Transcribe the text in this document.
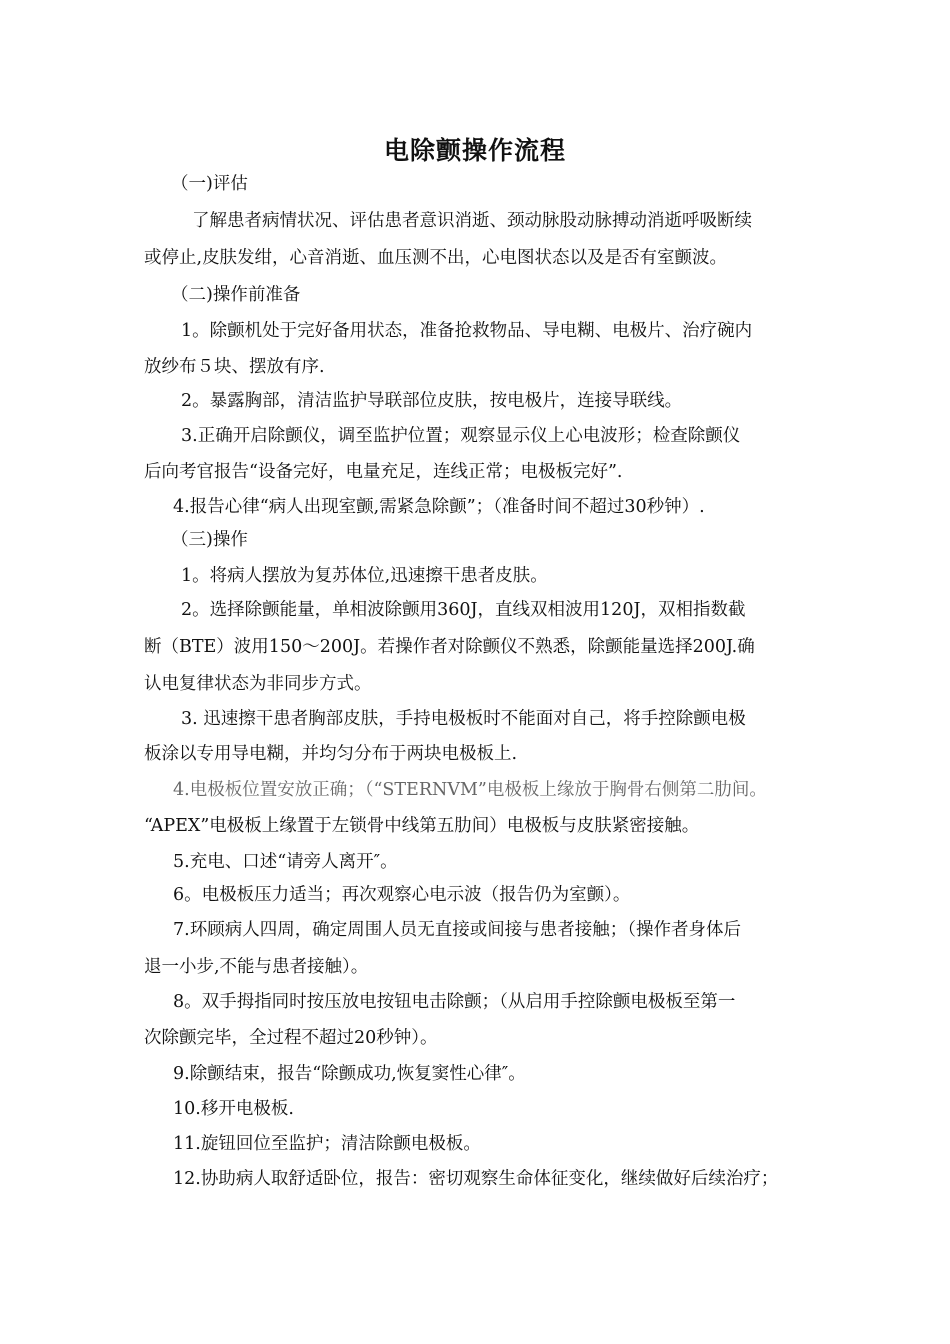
电除颤操作流程
（一)评估
了解患者病情状况、评估患者意识消逝、颈动脉股动脉搏动消逝呼吸断续
或停止,皮肤发绀，心音消逝、血压测不出，心电图状态以及是否有室颤波。
（二)操作前准备
1。除颤机处于完好备用状态，准备抢救物品、导电糊、电极片、治疗碗内
放纱布５块、摆放有序.
2。暴露胸部，清洁监护导联部位皮肤，按电极片，连接导联线。
3.正确开启除颤仪，调至监护位置；观察显示仪上心电波形；检查除颤仪
后向考官报告“设备完好，电量充足，连线正常；电极板完好”.
4.报告心律“病人出现室颤,需紧急除颤”；（准备时间不超过30秒钟）.
（三)操作
1。将病人摆放为复苏体位,迅速擦干患者皮肤。
2。选择除颤能量，单相波除颤用360J，直线双相波用120J，双相指数截
断（BTE）波用150～200J。若操作者对除颤仪不熟悉，除颤能量选择200J.确
认电复律状态为非同步方式。
3. 迅速擦干患者胸部皮肤，手持电极板时不能面对自己，将手控除颤电极
板涂以专用导电糊，并均匀分布于两块电极板上.
4.电极板位置安放正确；（“STERNVM”电极板上缘放于胸骨右侧第二肋间。
“APEX”电极板上缘置于左锁骨中线第五肋间）电极板与皮肤紧密接触。
5.充电、口述“请旁人离开″。
6。电极板压力适当；再次观察心电示波（报告仍为室颤）。
7.环顾病人四周，确定周围人员无直接或间接与患者接触；（操作者身体后
退一小步,不能与患者接触）。
8。双手拇指同时按压放电按钮电击除颤；（从启用手控除颤电极板至第一
次除颤完毕，全过程不超过20秒钟）。
9.除颤结束，报告“除颤成功,恢复窦性心律″。
10.移开电极板.
11.旋钮回位至监护；清洁除颤电极板。
12.协助病人取舒适卧位，报告：密切观察生命体征变化，继续做好后续治疗；
